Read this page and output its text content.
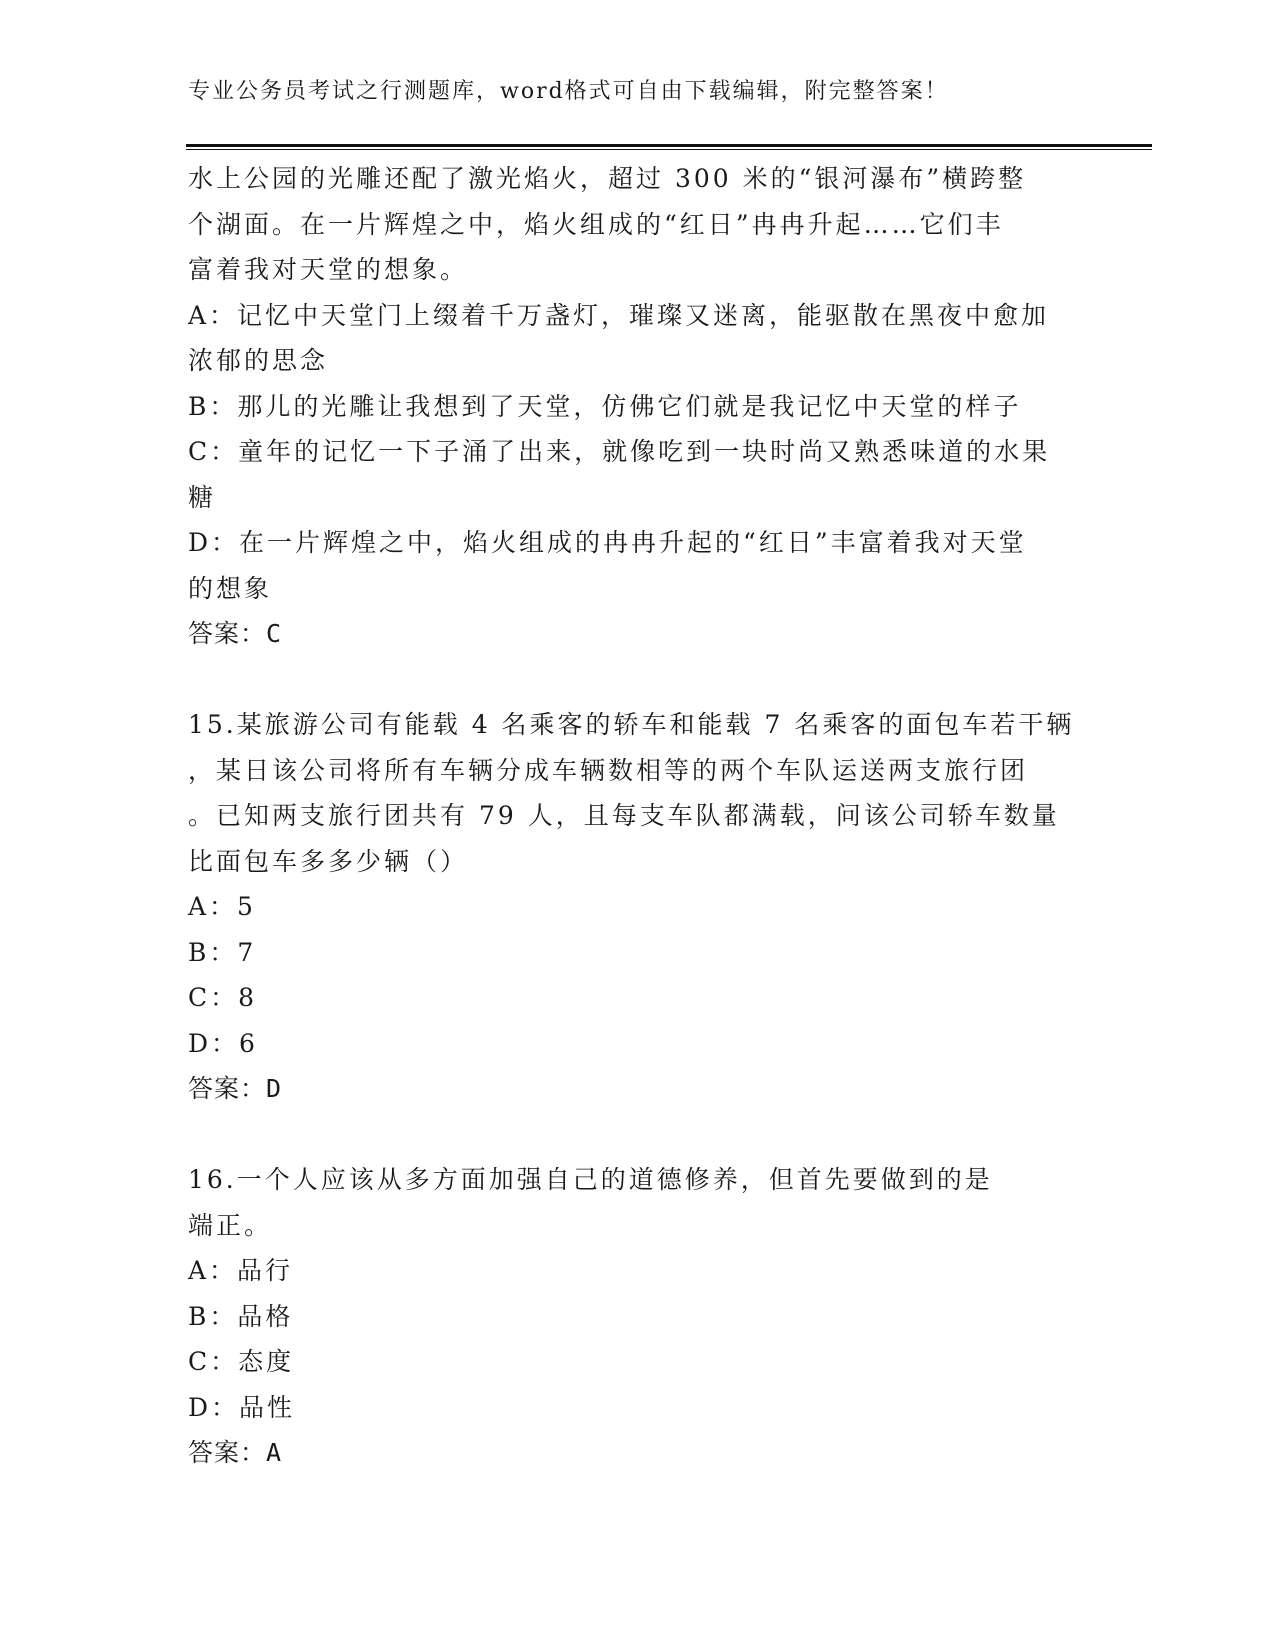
专业公务员考试之行测题库，word格式可自由下载编辑，附完整答案！
水上公园的光雕还配了激光焰火，超过 300 米的“银河瀑布”横跨整
个湖面。在一片辉煌之中，焰火组成的“红日”冉冉升起……它们丰
富着我对天堂的想象。
A：记忆中天堂门上缀着千万盏灯，璀璨又迷离，能驱散在黑夜中愈加
浓郁的思念
B：那儿的光雕让我想到了天堂，仿佛它们就是我记忆中天堂的样子
C：童年的记忆一下子涌了出来，就像吃到一块时尚又熟悉味道的水果
糖
D：在一片辉煌之中，焰火组成的冉冉升起的“红日”丰富着我对天堂
的想象
答案：C
15.某旅游公司有能载 4 名乘客的轿车和能载 7 名乘客的面包车若干辆
，某日该公司将所有车辆分成车辆数相等的两个车队运送两支旅行团
。已知两支旅行团共有 79 人，且每支车队都满载，问该公司轿车数量
比面包车多多少辆（）
A：5
B：7
C：8
D：6
答案：D
16.一个人应该从多方面加强自己的道德修养，但首先要做到的是
端正。
A：品行
B：品格
C：态度
D：品性
答案：A
